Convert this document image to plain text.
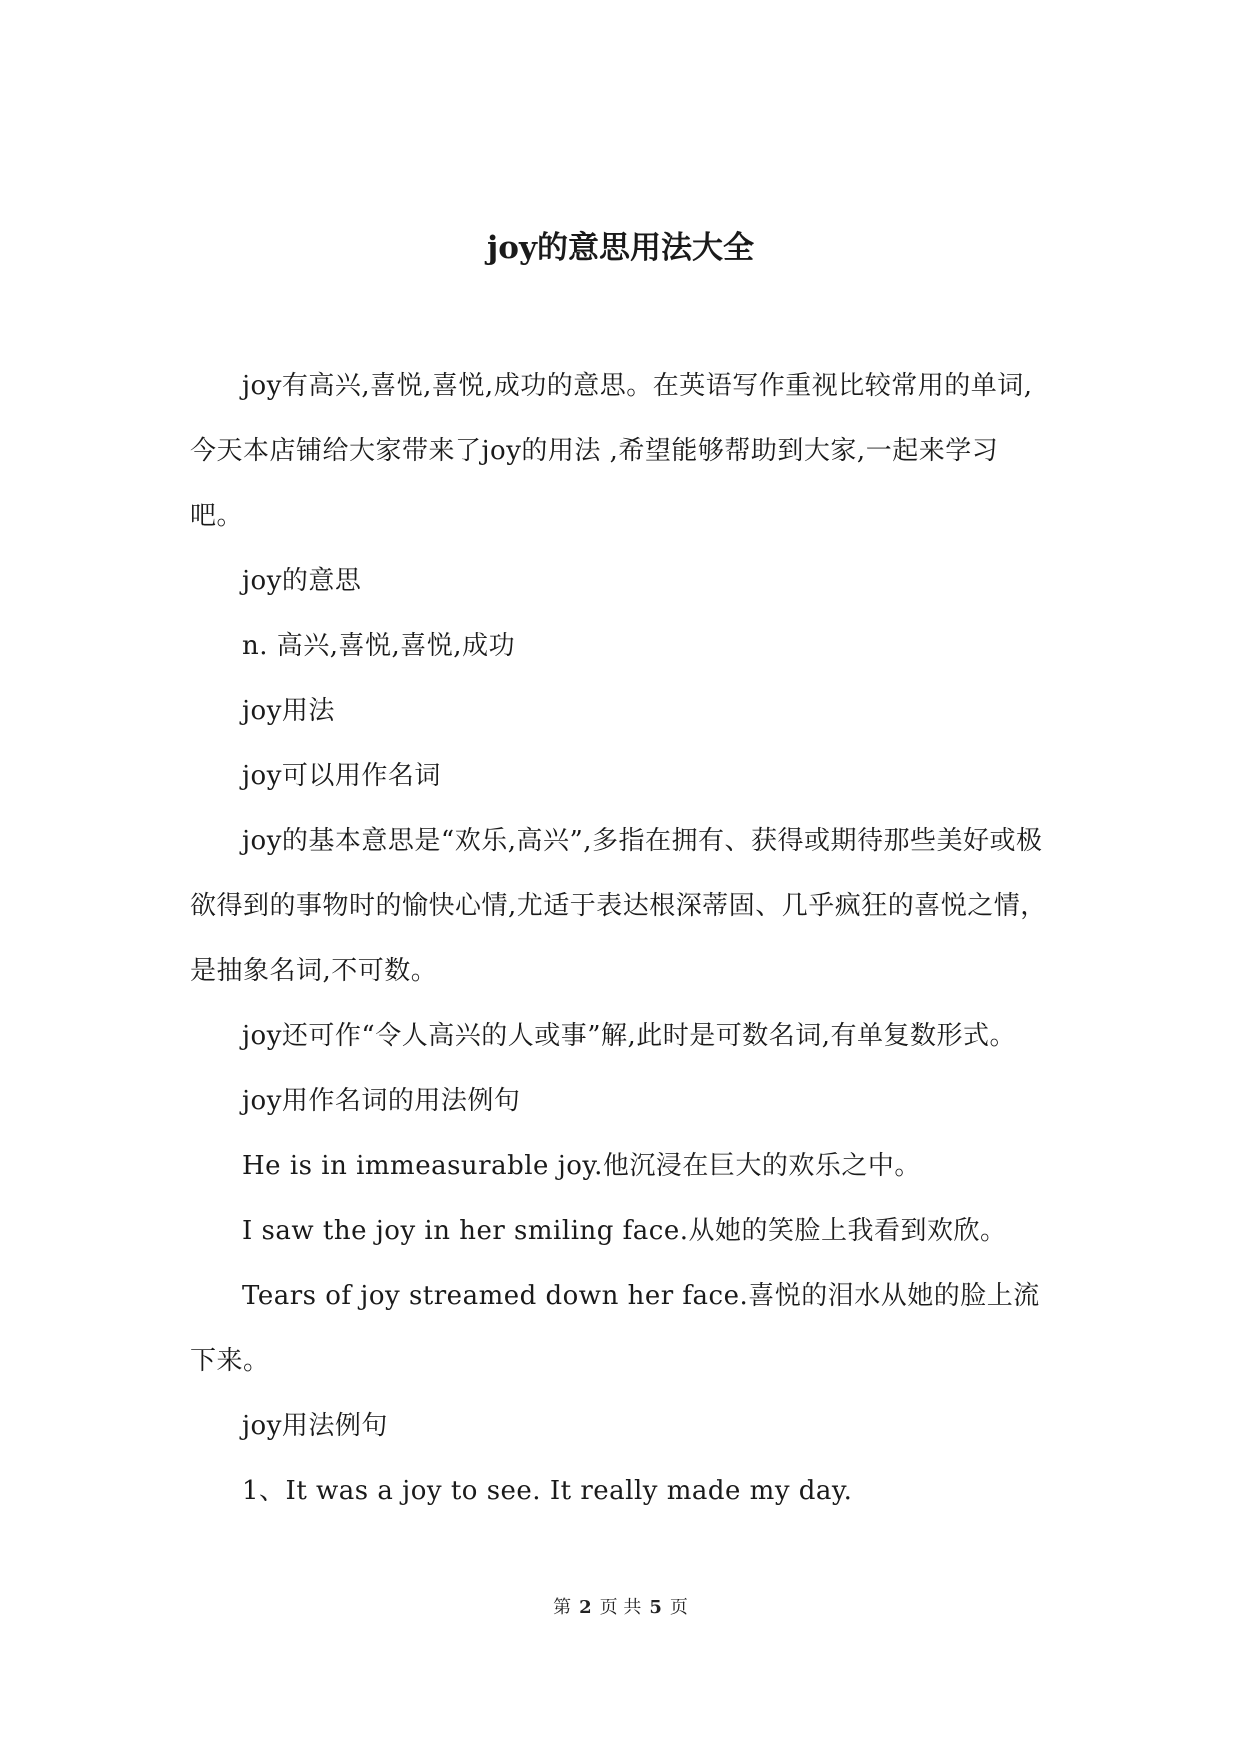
joy的意思用法大全

joy有高兴,喜悦,喜悦,成功的意思。在英语写作重视比较常用的单词,今天本店铺给大家带来了joy的用法 ,希望能够帮助到大家,一起来学习吧。

joy的意思

n. 高兴,喜悦,喜悦,成功

joy用法

joy可以用作名词

joy的基本意思是“欢乐,高兴”,多指在拥有、获得或期待那些美好或极欲得到的事物时的愉快心情,尤适于表达根深蒂固、几乎疯狂的喜悦之情，是抽象名词,不可数。

joy还可作“令人高兴的人或事”解,此时是可数名词,有单复数形式。

joy用作名词的用法例句

He is in immeasurable joy.他沉浸在巨大的欢乐之中。

I saw the joy in her smiling face.从她的笑脸上我看到欢欣。

Tears of joy streamed down her face.喜悦的泪水从她的脸上流下来。

joy用法例句

1、It was a joy to see. It really made my day.

第 2 页 共 5 页
